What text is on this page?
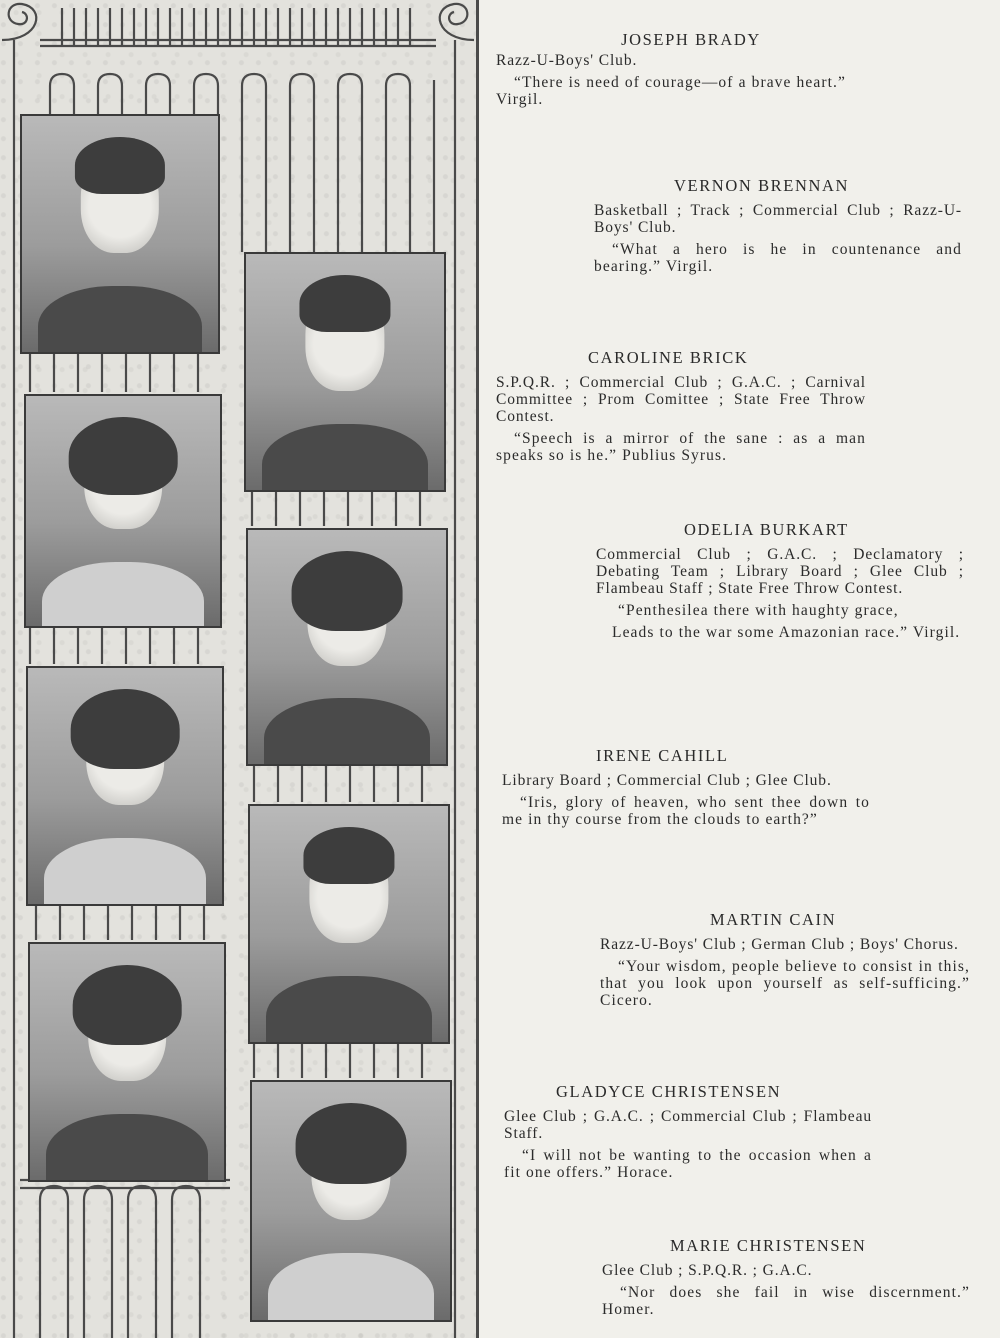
JOSEPH BRADY
Razz-U-Boys' Club.
“There is need of courage—of a brave heart.” Virgil.
VERNON BRENNAN
Basketball ; Track ; Commercial Club ; Razz-U-Boys' Club.
“What a hero is he in countenance and bearing.” Virgil.
CAROLINE BRICK
S.P.Q.R. ; Commercial Club ; G.A.C. ; Carnival Committee ; Prom Comittee ; State Free Throw Contest.
“Speech is a mirror of the sane : as a man speaks so is he.” Publius Syrus.
ODELIA BURKART
Commercial Club ; G.A.C. ; Declamatory ; Debating Team ; Library Board ; Glee Club ; Flambeau Staff ; State Free Throw Contest.
“Penthesilea there with haughty grace,
Leads to the war some Amazonian race.” Virgil.
IRENE CAHILL
Library Board ; Commercial Club ; Glee Club.
“Iris, glory of heaven, who sent thee down to me in thy course from the clouds to earth?”
MARTIN CAIN
Razz-U-Boys' Club ; German Club ; Boys' Chorus.
“Your wisdom, people believe to consist in this, that you look upon yourself as self-sufficing.” Cicero.
GLADYCE CHRISTENSEN
Glee Club ; G.A.C. ; Commercial Club ; Flambeau Staff.
“I will not be wanting to the occasion when a fit one offers.” Horace.
MARIE CHRISTENSEN
Glee Club ; S.P.Q.R. ; G.A.C.
“Nor does she fail in wise discernment.” Homer.
